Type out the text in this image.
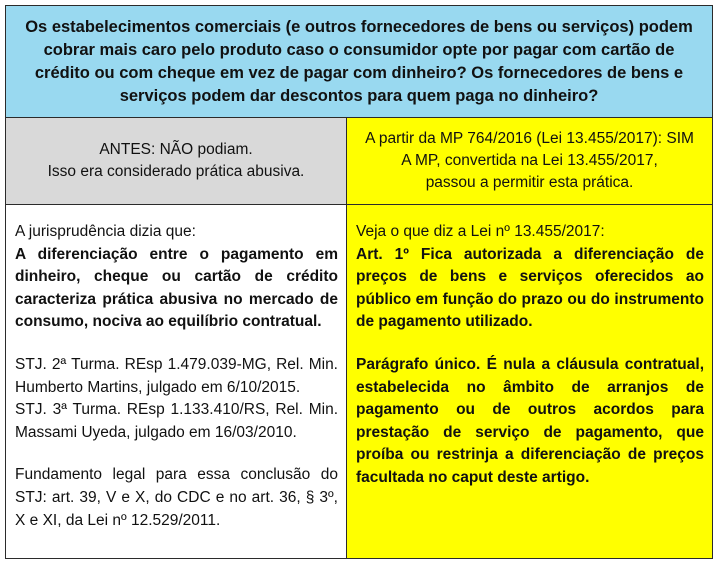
Os estabelecimentos comerciais (e outros fornecedores de bens ou serviços) podem cobrar mais caro pelo produto caso o consumidor opte por pagar com cartão de crédito ou com cheque em vez de pagar com dinheiro? Os fornecedores de bens e serviços podem dar descontos para quem paga no dinheiro?

ANTES: NÃO podiam.

Isso era considerado prática abusiva.

A partir da MP 764/2016 (Lei 13.455/2017): SIM

A MP, convertida na Lei 13.455/2017,

passou a permitir esta prática.

A jurisprudência dizia que:

A diferenciação entre o pagamento em dinheiro, cheque ou cartão de crédito caracteriza prática abusiva no mercado de consumo, nociva ao equilíbrio contratual.

STJ. 2ª Turma. REsp 1.479.039-MG, Rel. Min. Humberto Martins, julgado em 6/10/2015.

STJ. 3ª Turma. REsp 1.133.410/RS, Rel. Min. Massami Uyeda, julgado em 16/03/2010.

Fundamento legal para essa conclusão do STJ: art. 39, V e X, do CDC e no art. 36, § 3º, X e XI, da Lei nº 12.529/2011.

Veja o que diz a Lei nº 13.455/2017:

Art. 1º Fica autorizada a diferenciação de preços de bens e serviços oferecidos ao público em função do prazo ou do instrumento de pagamento utilizado.

Parágrafo único. É nula a cláusula contratual, estabelecida no âmbito de arranjos de pagamento ou de outros acordos para prestação de serviço de pagamento, que proíba ou restrinja a diferenciação de preços facultada no caput deste artigo.
